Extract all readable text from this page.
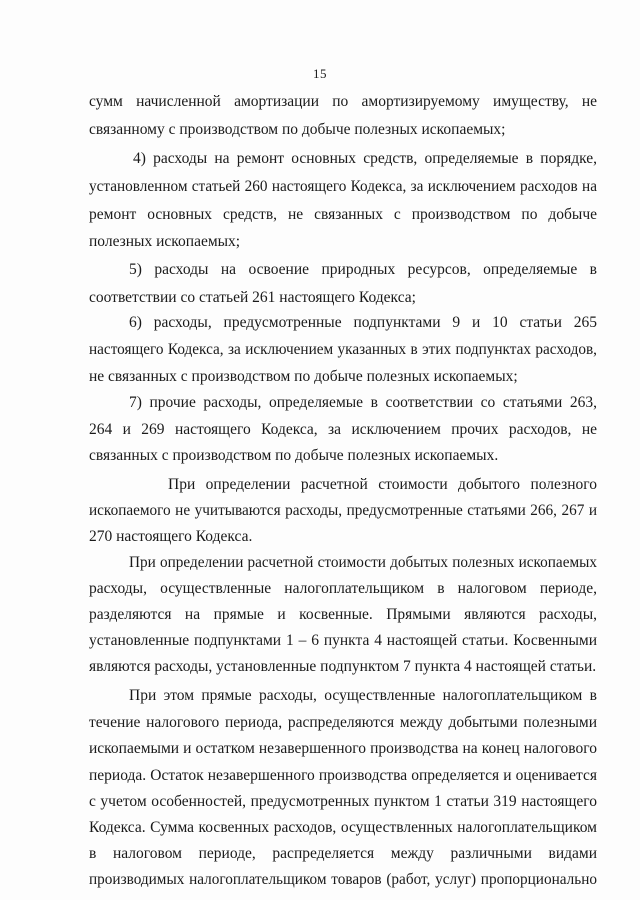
15
сумм начисленной амортизации по амортизируемому имуществу, не
связанному с производством по добыче полезных ископаемых;
4) расходы на ремонт основных средств, определяемые в порядке,
установленном статьей 260 настоящего Кодекса, за исключением расходов на
ремонт основных средств, не связанных с производством по добыче
полезных ископаемых;
5) расходы на освоение природных ресурсов, определяемые в
соответствии со статьей 261 настоящего Кодекса;
6) расходы, предусмотренные подпунктами 9 и 10 статьи 265
настоящего Кодекса, за исключением указанных в этих подпунктах расходов,
не связанных с производством по добыче полезных ископаемых;
7) прочие расходы, определяемые в соответствии со статьями 263,
264 и 269 настоящего Кодекса, за исключением прочих расходов, не
связанных с производством по добыче полезных ископаемых.
При определении расчетной стоимости добытого полезного
ископаемого не учитываются расходы, предусмотренные статьями 266, 267 и
270 настоящего Кодекса.
При определении расчетной стоимости добытых полезных ископаемых
расходы, осуществленные налогоплательщиком в налоговом периоде,
разделяются на прямые и косвенные. Прямыми являются расходы,
установленные подпунктами 1 – 6 пункта 4 настоящей статьи. Косвенными
являются расходы, установленные подпунктом 7 пункта 4 настоящей статьи.
При этом прямые расходы, осуществленные налогоплательщиком в
течение налогового периода, распределяются между добытыми полезными
ископаемыми и остатком незавершенного производства на конец налогового
периода. Остаток незавершенного производства определяется и оценивается
с учетом особенностей, предусмотренных пунктом 1 статьи 319 настоящего
Кодекса. Сумма косвенных расходов, осуществленных налогоплательщиком
в налоговом периоде, распределяется между различными видами
производимых налогоплательщиком товаров (работ, услуг) пропорционально
